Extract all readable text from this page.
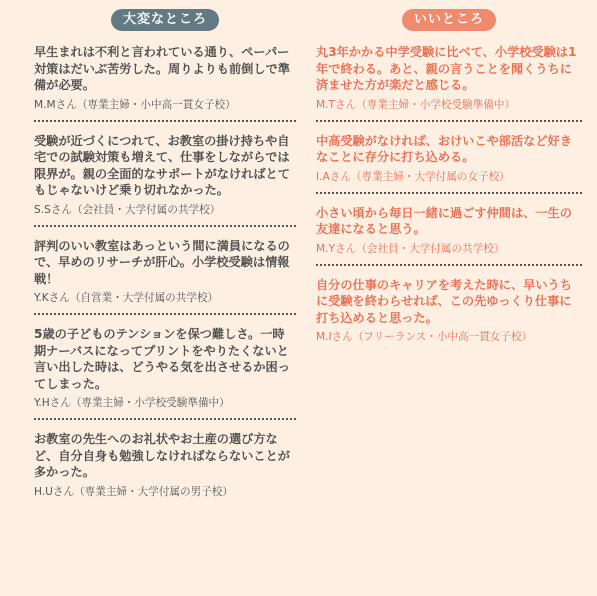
大変なところ

早生まれは不利と言われている通り、ペーパー対策はだいぶ苦労した。周りよりも前倒しで準備が必要。

M.Mさん（専業主婦・小中高一貫女子校）

受験が近づくにつれて、お教室の掛け持ちや自宅での試験対策も増えて、仕事をしながらでは限界が。親の全面的なサポートがなければとてもじゃないけど乗り切れなかった。

S.Sさん（会社員・大学付属の共学校）

評判のいい教室はあっという間に満員になるので、早めのリサーチが肝心。小学校受験は情報戦！

Y.Kさん（自営業・大学付属の共学校）

5歳の子どものテンションを保つ難しさ。一時期ナーバスになってプリントをやりたくないと言い出した時は、どうやる気を出させるか困ってしまった。

Y.Hさん（専業主婦・小学校受験準備中）

お教室の先生へのお礼状やお土産の選び方など、自分自身も勉強しなければならないことが多かった。

H.Uさん（専業主婦・大学付属の男子校）
いいところ

丸3年かかる中学受験に比べて、小学校受験は1年で終わる。あと、親の言うことを聞くうちに済ませた方が楽だと感じる。

M.Tさん（専業主婦・小学校受験準備中）

中高受験がなければ、おけいこや部活など好きなことに存分に打ち込める。

I.Aさん（専業主婦・大学付属の女子校）

小さい頃から毎日一緒に過ごす仲間は、一生の友達になると思う。

M.Yさん（会社員・大学付属の共学校）

自分の仕事のキャリアを考えた時に、早いうちに受験を終わらせれば、この先ゆっくり仕事に打ち込めると思った。

M.Iさん（フリーランス・小中高一貫女子校）
